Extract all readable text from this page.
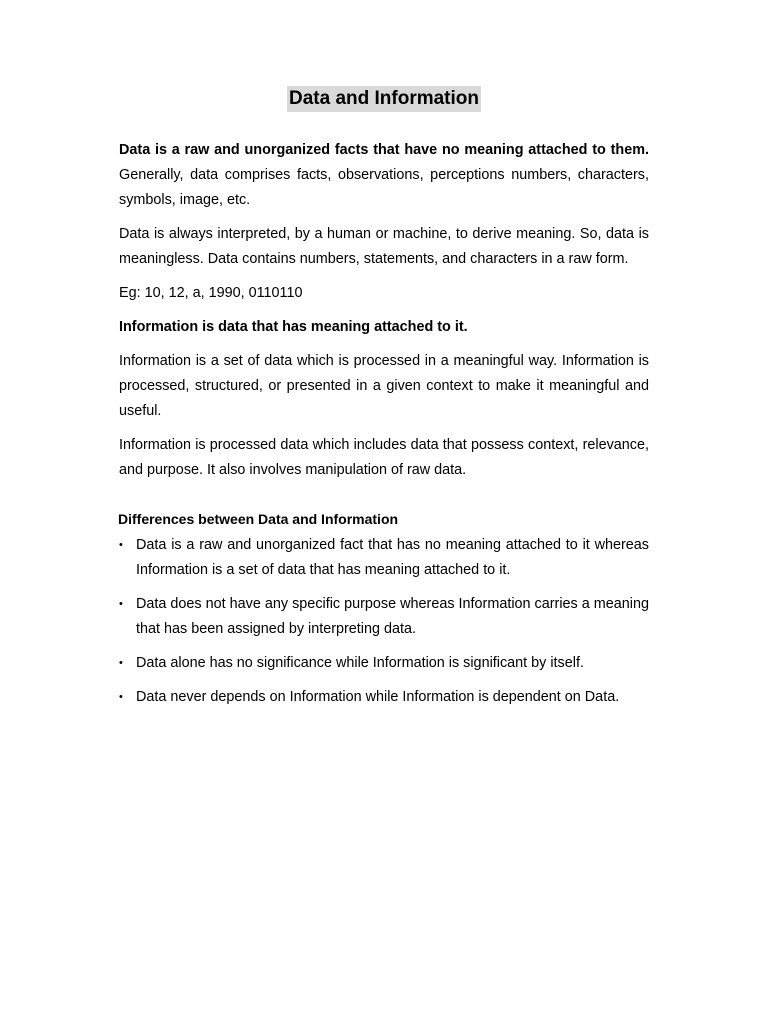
Data and Information

Data is a raw and unorganized facts that have no meaning attached to them. Generally, data comprises facts, observations, perceptions numbers, characters, symbols, image, etc.

Data is always interpreted, by a human or machine, to derive meaning. So, data is meaningless. Data contains numbers, statements, and characters in a raw form.

Eg: 10, 12, a, 1990, 0110110

Information is data that has meaning attached to it.

Information is a set of data which is processed in a meaningful way. Information is processed, structured, or presented in a given context to make it meaningful and useful.

Information is processed data which includes data that possess context, relevance, and purpose. It also involves manipulation of raw data.

Differences between Data and Information
• Data is a raw and unorganized fact that has no meaning attached to it whereas Information is a set of data that has meaning attached to it.
• Data does not have any specific purpose whereas Information carries a meaning that has been assigned by interpreting data.
• Data alone has no significance while Information is significant by itself.
• Data never depends on Information while Information is dependent on Data.
